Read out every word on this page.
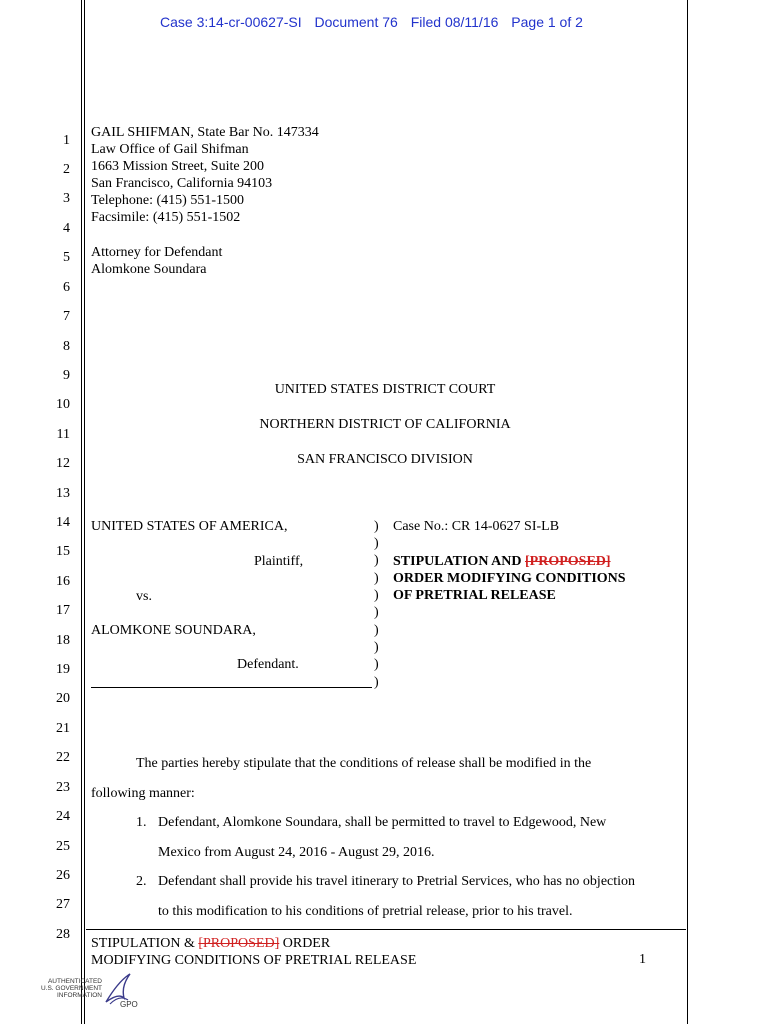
Case 3:14-cr-00627-SI Document 76 Filed 08/11/16 Page 1 of 2
1
2
3
4
5
6
7
8
9
10
11
12
13
14
15
16
17
18
19
20
21
22
23
24
25
26
27
28
GAIL SHIFMAN, State Bar No. 147334
Law Office of Gail Shifman
1663 Mission Street, Suite 200
San Francisco, California 94103
Telephone: (415) 551-1500
Facsimile: (415) 551-1502
Attorney for Defendant
Alomkone Soundara
UNITED STATES DISTRICT COURT
NORTHERN DISTRICT OF CALIFORNIA
SAN FRANCISCO DIVISION
UNITED STATES OF AMERICA,
Plaintiff,
vs.
ALOMKONE SOUNDARA,
Defendant.
)
)
)
)
)
)
)
)
)
)
Case No.: CR 14-0627 SI-LB
STIPULATION AND [PROPOSED]
ORDER MODIFYING CONDITIONS
OF PRETRIAL RELEASE
The parties hereby stipulate that the conditions of release shall be modified in the
following manner:
1. Defendant, Alomkone Soundara, shall be permitted to travel to Edgewood, New
Mexico from August 24, 2016 - August 29, 2016.
2. Defendant shall provide his travel itinerary to Pretrial Services, who has no objection
to this modification to his conditions of pretrial release, prior to his travel.
STIPULATION & [PROPOSED] ORDER
MODIFYING CONDITIONS OF PRETRIAL RELEASE	1
AUTHENTICATED
U.S. GOVERNMENT
INFORMATION
GPO
